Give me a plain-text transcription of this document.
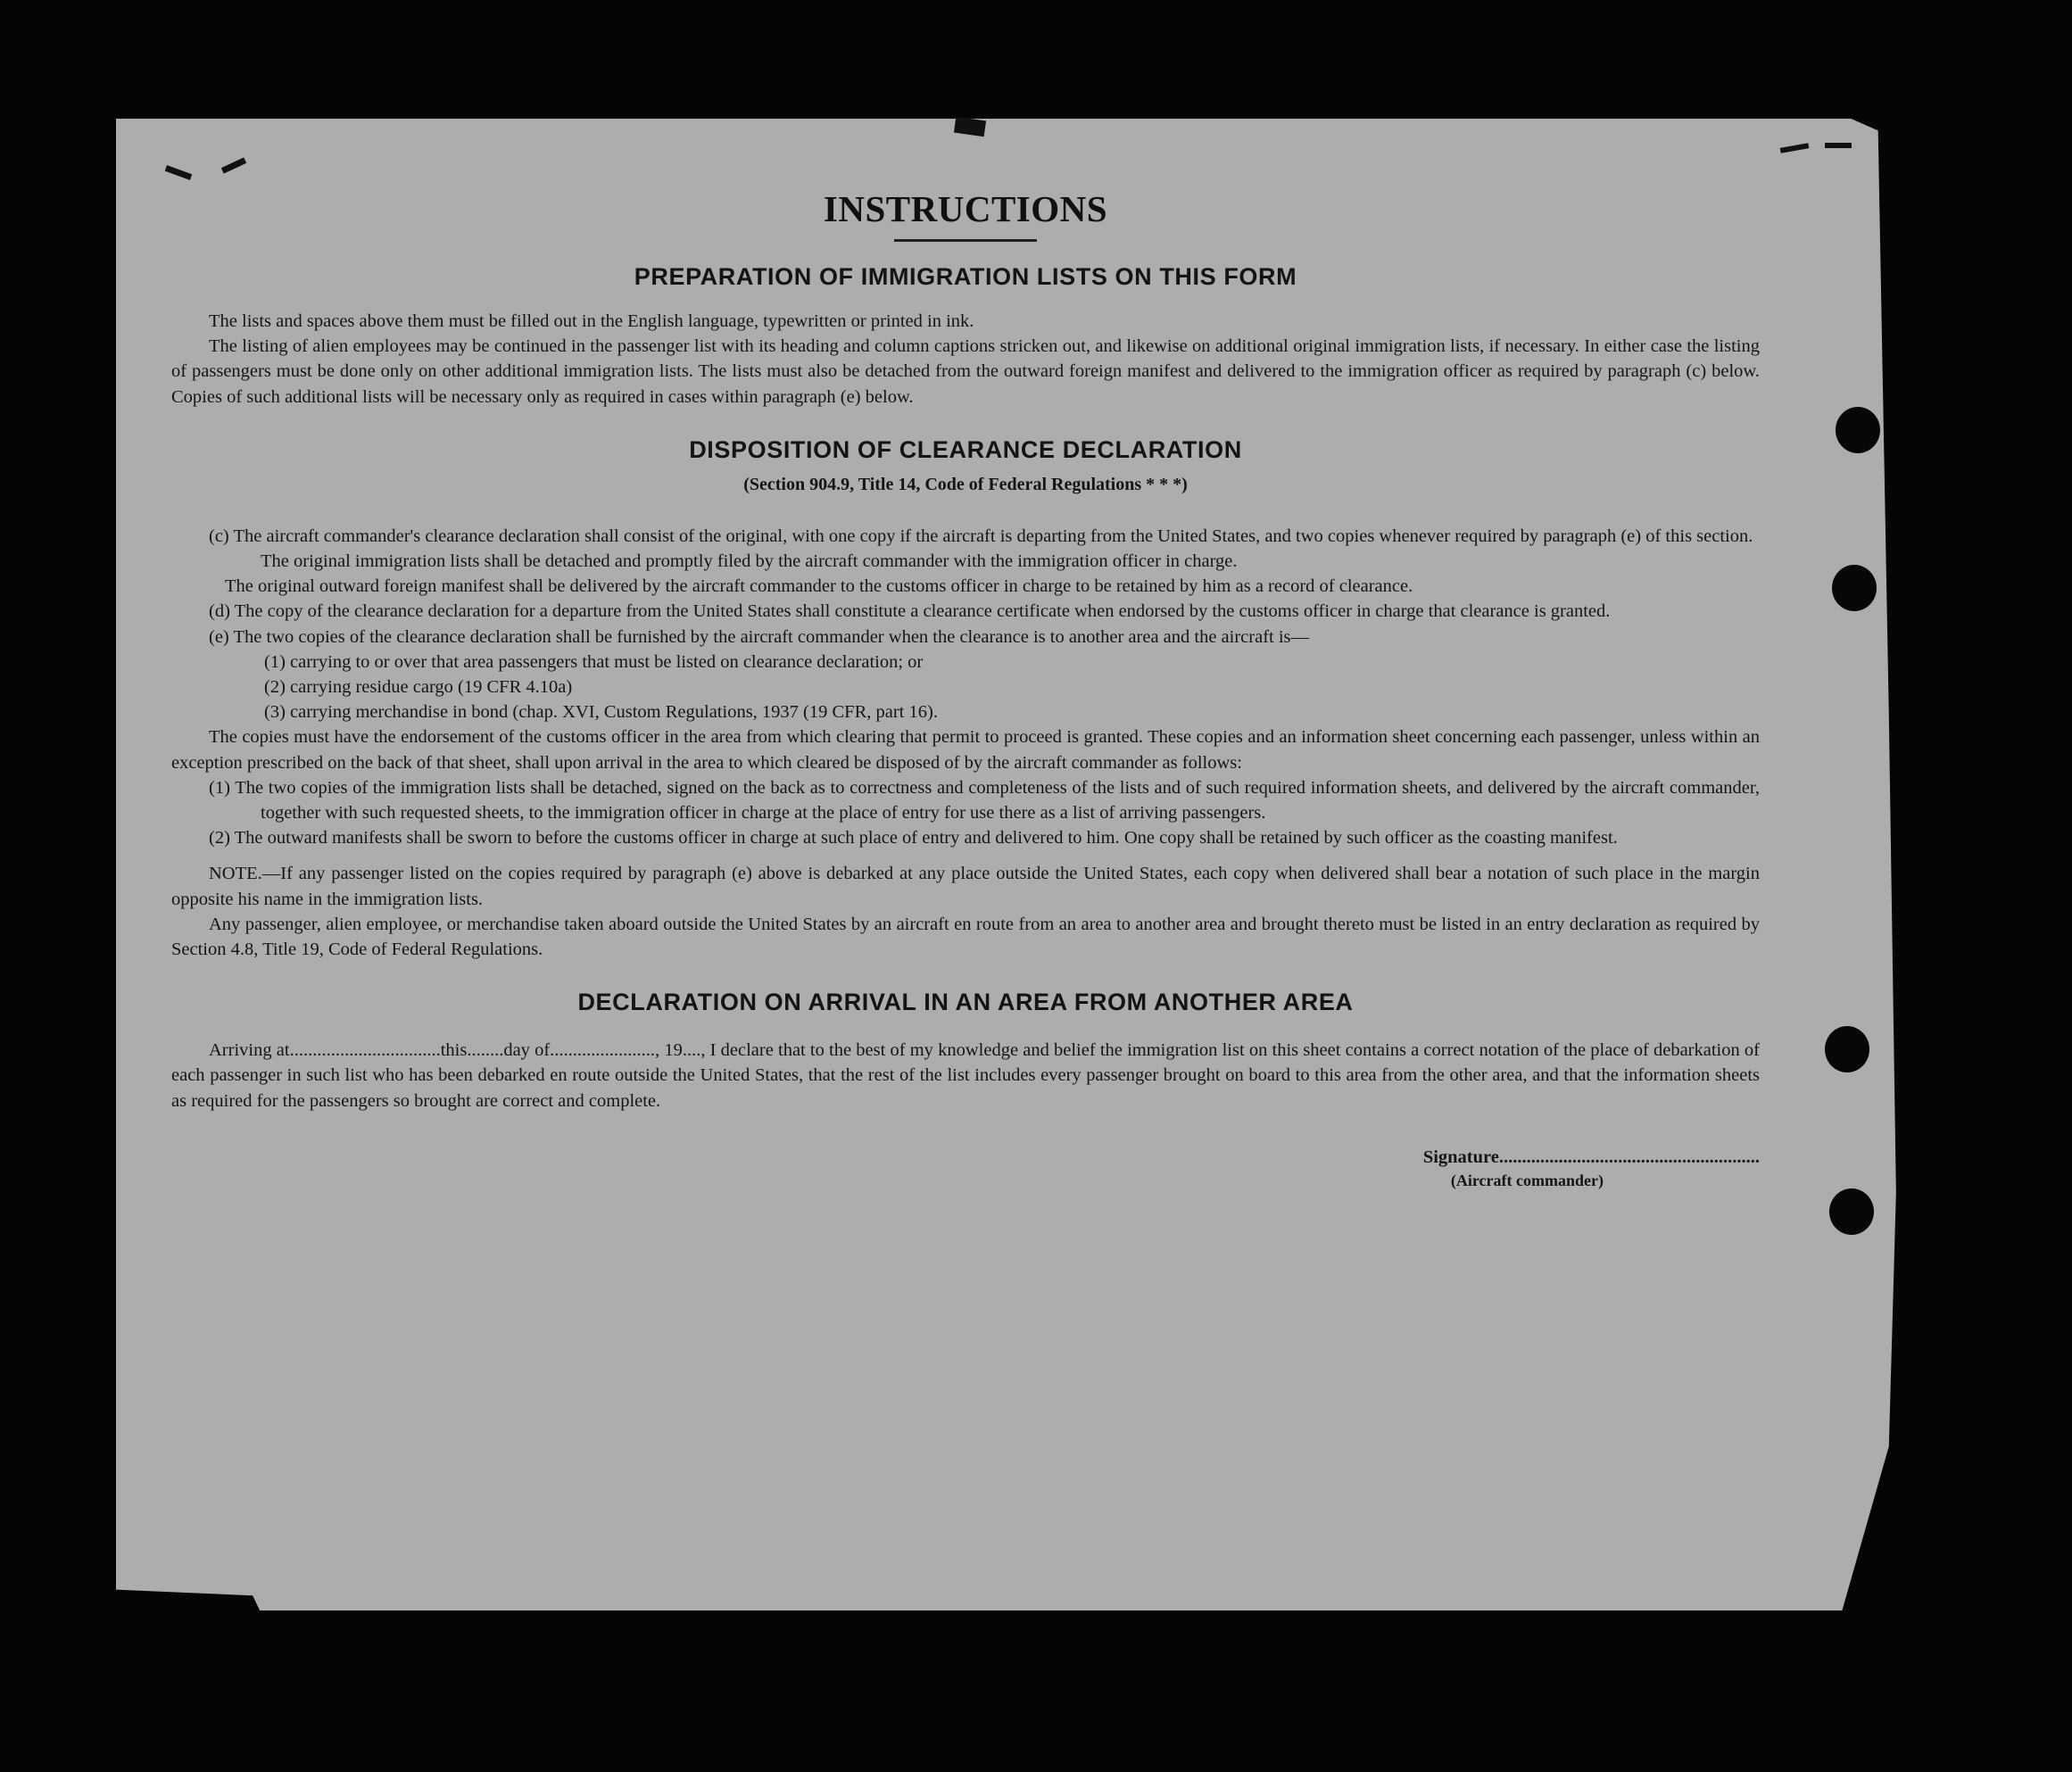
INSTRUCTIONS
PREPARATION OF IMMIGRATION LISTS ON THIS FORM

The lists and spaces above them must be filled out in the English language, typewritten or printed in ink.

The listing of alien employees may be continued in the passenger list with its heading and column captions stricken out, and likewise on additional original immigration lists, if necessary. In either case the listing of passengers must be done only on other additional immigration lists. The lists must also be detached from the outward foreign manifest and delivered to the immigration officer as required by paragraph (c) below. Copies of such additional lists will be necessary only as required in cases within paragraph (e) below.

DISPOSITION OF CLEARANCE DECLARATION
(Section 904.9, Title 14, Code of Federal Regulations * * *)

(c) The aircraft commander's clearance declaration shall consist of the original, with one copy if the aircraft is departing from the United States, and two copies whenever required by paragraph (e) of this section.

The original immigration lists shall be detached and promptly filed by the aircraft commander with the immigration officer in charge.

The original outward foreign manifest shall be delivered by the aircraft commander to the customs officer in charge to be retained by him as a record of clearance.

(d) The copy of the clearance declaration for a departure from the United States shall constitute a clearance certificate when endorsed by the customs officer in charge that clearance is granted.

(e) The two copies of the clearance declaration shall be furnished by the aircraft commander when the clearance is to another area and the aircraft is—

(1) carrying to or over that area passengers that must be listed on clearance declaration; or

(2) carrying residue cargo (19 CFR 4.10a)

(3) carrying merchandise in bond (chap. XVI, Custom Regulations, 1937 (19 CFR, part 16).

The copies must have the endorsement of the customs officer in the area from which clearing that permit to proceed is granted. These copies and an information sheet concerning each passenger, unless within an exception prescribed on the back of that sheet, shall upon arrival in the area to which cleared be disposed of by the aircraft commander as follows:

(1) The two copies of the immigration lists shall be detached, signed on the back as to correctness and completeness of the lists and of such required information sheets, and delivered by the aircraft commander, together with such requested sheets, to the immigration officer in charge at the place of entry for use there as a list of arriving passengers.

(2) The outward manifests shall be sworn to before the customs officer in charge at such place of entry and delivered to him. One copy shall be retained by such officer as the coasting manifest.

NOTE.—If any passenger listed on the copies required by paragraph (e) above is debarked at any place outside the United States, each copy when delivered shall bear a notation of such place in the margin opposite his name in the immigration lists.

Any passenger, alien employee, or merchandise taken aboard outside the United States by an aircraft en route from an area to another area and brought thereto must be listed in an entry declaration as required by Section 4.8, Title 19, Code of Federal Regulations.

DECLARATION ON ARRIVAL IN AN AREA FROM ANOTHER AREA

Arriving at.................................this........day of......................., 19...., I declare that to the best of my knowledge and belief the immigration list on this sheet contains a correct notation of the place of debarkation of each passenger in such list who has been debarked en route outside the United States, that the rest of the list includes every passenger brought on board to this area from the other area, and that the information sheets as required for the passengers so brought are correct and complete.

Signature.........................................................
(Aircraft commander)
